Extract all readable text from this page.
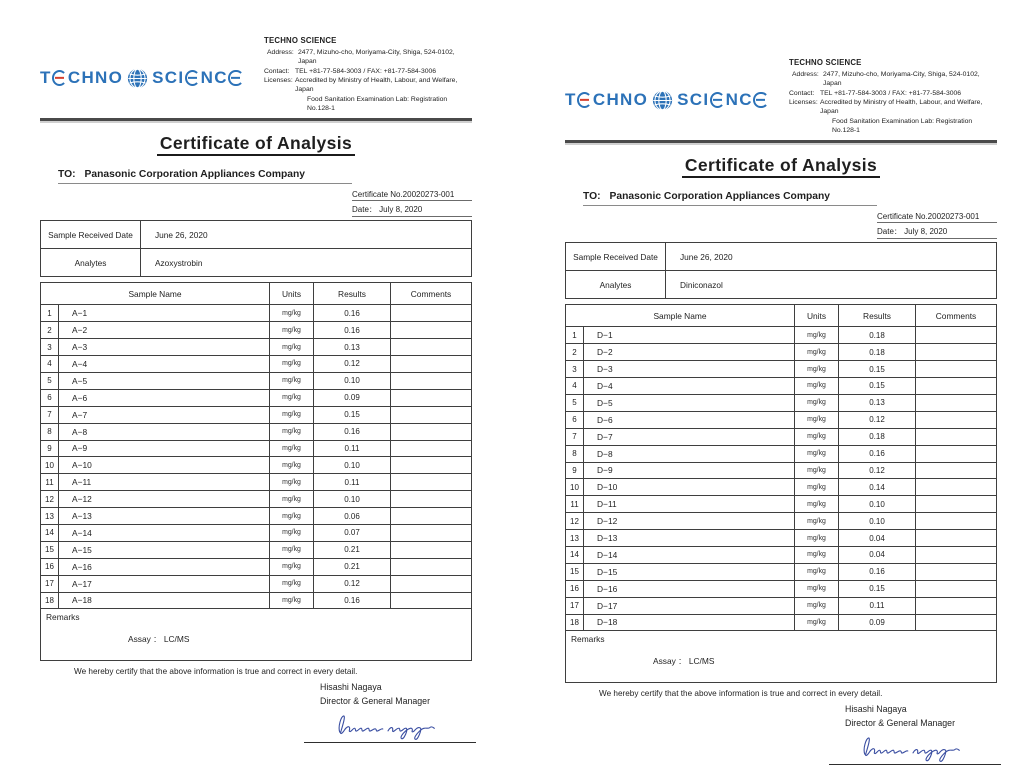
T CHNO SCI NC
TECHNO SCIENCE
Address: 2477, Mizuho-cho, Moriyama-City, Shiga, 524-0102, Japan
Contact: TEL +81-77-584-3003 / FAX: +81-77-584-3006
Licenses: Accredited by Ministry of Health, Labour, and Welfare, Japan
Food Sanitation Examination Lab: Registration No.128-1
Certificate of Analysis
TO: Panasonic Corporation Appliances Company
Certificate No.20020273-001
Date： July 8, 2020
Sample Received Date	June 26, 2020
Analytes	Azoxystrobin
Sample Name		Units	Results	Comments
1	A−1	mg/kg	0.16	
2	A−2	mg/kg	0.16	
3	A−3	mg/kg	0.13	
4	A−4	mg/kg	0.12	
5	A−5	mg/kg	0.10	
6	A−6	mg/kg	0.09	
7	A−7	mg/kg	0.15	
8	A−8	mg/kg	0.16	
9	A−9	mg/kg	0.11	
10	A−10	mg/kg	0.10	
11	A−11	mg/kg	0.11	
12	A−12	mg/kg	0.10	
13	A−13	mg/kg	0.06	
14	A−14	mg/kg	0.07	
15	A−15	mg/kg	0.21	
16	A−16	mg/kg	0.21	
17	A−17	mg/kg	0.12	
18	A−18	mg/kg	0.16	
Remarks
Assay ： LC/MS
We hereby certify that the above information is true and correct in every detail.
Hisashi Nagaya
Director & General Manager
T CHNO SCI NC
TECHNO SCIENCE
Address: 2477, Mizuho-cho, Moriyama-City, Shiga, 524-0102, Japan
Contact: TEL +81-77-584-3003 / FAX: +81-77-584-3006
Licenses: Accredited by Ministry of Health, Labour, and Welfare, Japan
Food Sanitation Examination Lab: Registration No.128-1
Certificate of Analysis
TO: Panasonic Corporation Appliances Company
Certificate No.20020273-001
Date： July 8, 2020
Sample Received Date	June 26, 2020
Analytes	Diniconazol
Sample Name		Units	Results	Comments
1	D−1	mg/kg	0.18	
2	D−2	mg/kg	0.18	
3	D−3	mg/kg	0.15	
4	D−4	mg/kg	0.15	
5	D−5	mg/kg	0.13	
6	D−6	mg/kg	0.12	
7	D−7	mg/kg	0.18	
8	D−8	mg/kg	0.16	
9	D−9	mg/kg	0.12	
10	D−10	mg/kg	0.14	
11	D−11	mg/kg	0.10	
12	D−12	mg/kg	0.10	
13	D−13	mg/kg	0.04	
14	D−14	mg/kg	0.04	
15	D−15	mg/kg	0.16	
16	D−16	mg/kg	0.15	
17	D−17	mg/kg	0.11	
18	D−18	mg/kg	0.09	
Remarks
Assay ： LC/MS
We hereby certify that the above information is true and correct in every detail.
Hisashi Nagaya
Director & General Manager
